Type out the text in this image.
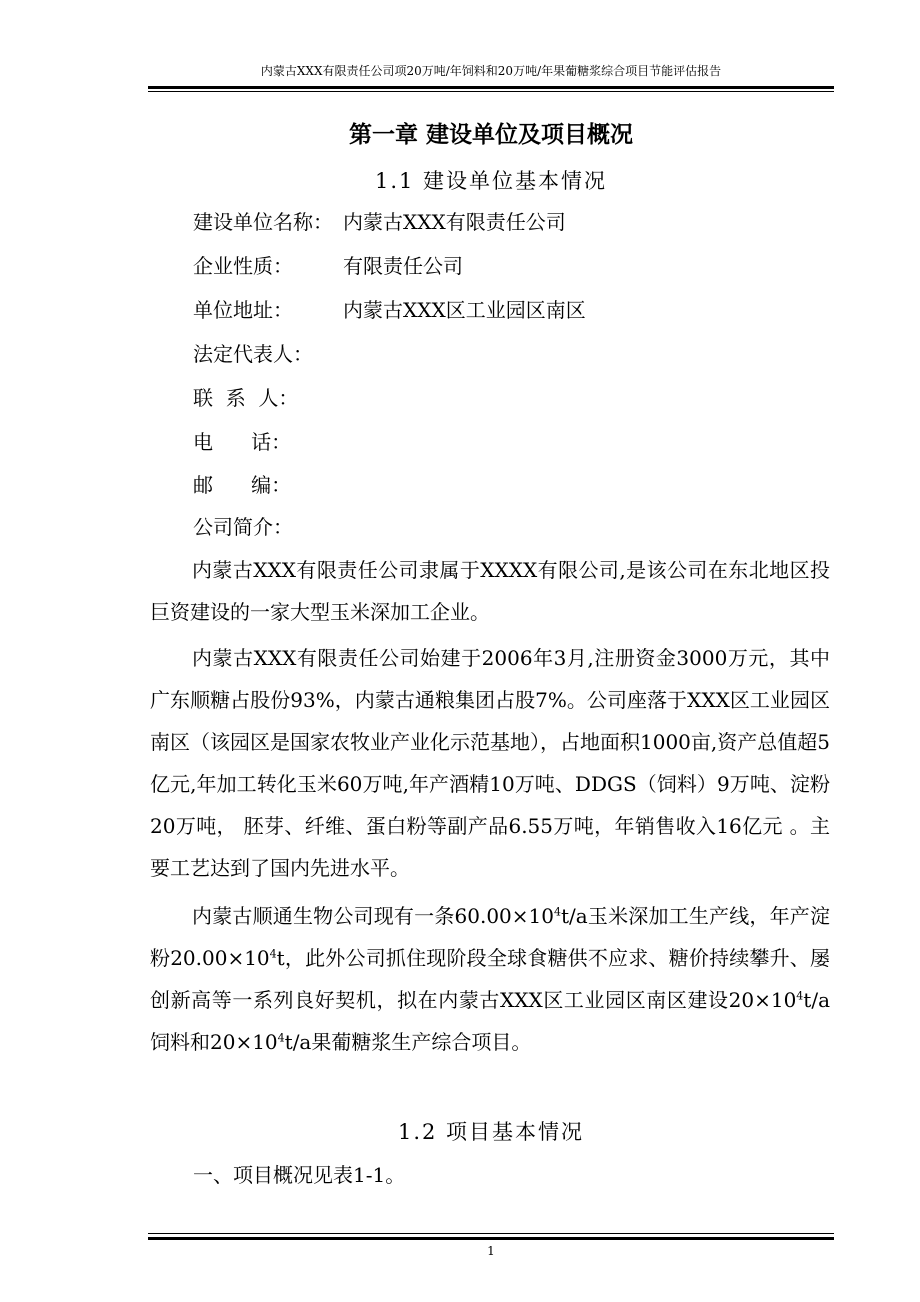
内蒙古XXX有限责任公司项20万吨/年饲料和20万吨/年果葡糖浆综合项目节能评估报告
第一章 建设单位及项目概况
1.1 建设单位基本情况
建设单位名称： 内蒙古XXX有限责任公司
企业性质：	有限责任公司
单位地址：	内蒙古XXX区工业园区南区
法定代表人：
联  系  人：
电      话：
邮      编：
公司简介：
内蒙古XXX有限责任公司隶属于XXXX有限公司,是该公司在东北地区投巨资建设的一家大型玉米深加工企业。
内蒙古XXX有限责任公司始建于2006年3月,注册资金3000万元，其中广东顺糖占股份93%，内蒙古通粮集团占股7%。公司座落于XXX区工业园区南区（该园区是国家农牧业产业化示范基地），占地面积1000亩,资产总值超5亿元,年加工转化玉米60万吨,年产酒精10万吨、DDGS（饲料）9万吨、淀粉20万吨， 胚芽、纤维、蛋白粉等副产品6.55万吨，年销售收入16亿元 。主要工艺达到了国内先进水平。
内蒙古顺通生物公司现有一条$60.00\times 10^4t/a$玉米深加工生产线，年产淀粉$20.00\times 10^4t$，此外公司抓住现阶段全球食糖供不应求、糖价持续攀升、屡创新高等一系列良好契机，拟在内蒙古XXX区工业园区南区建设$20\times 10^4t/a$饲料和$20\times 10^4t/a$果葡糖浆生产综合项目。
1.2 项目基本情况
一、项目概况见表1-1。
1
